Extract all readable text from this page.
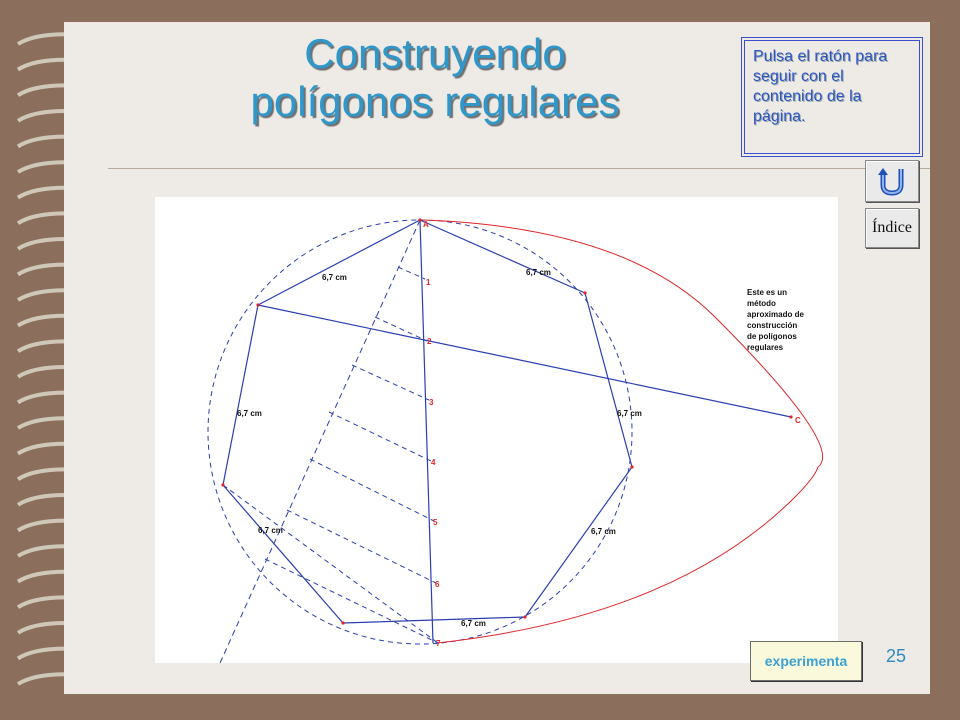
Construyendo
polígonos regulares
Pulsa el ratón para seguir con el contenido de la página.
Índice
6,7 cm
6,7 cm
6,7 cm	6,7 cm
6,7 cm	6,7 cm
6,7 cm
A
C
1
2
3
4
5
6
7
Este es un
método
aproximado de
construcción
de polígonos
regulares
experimenta	25
